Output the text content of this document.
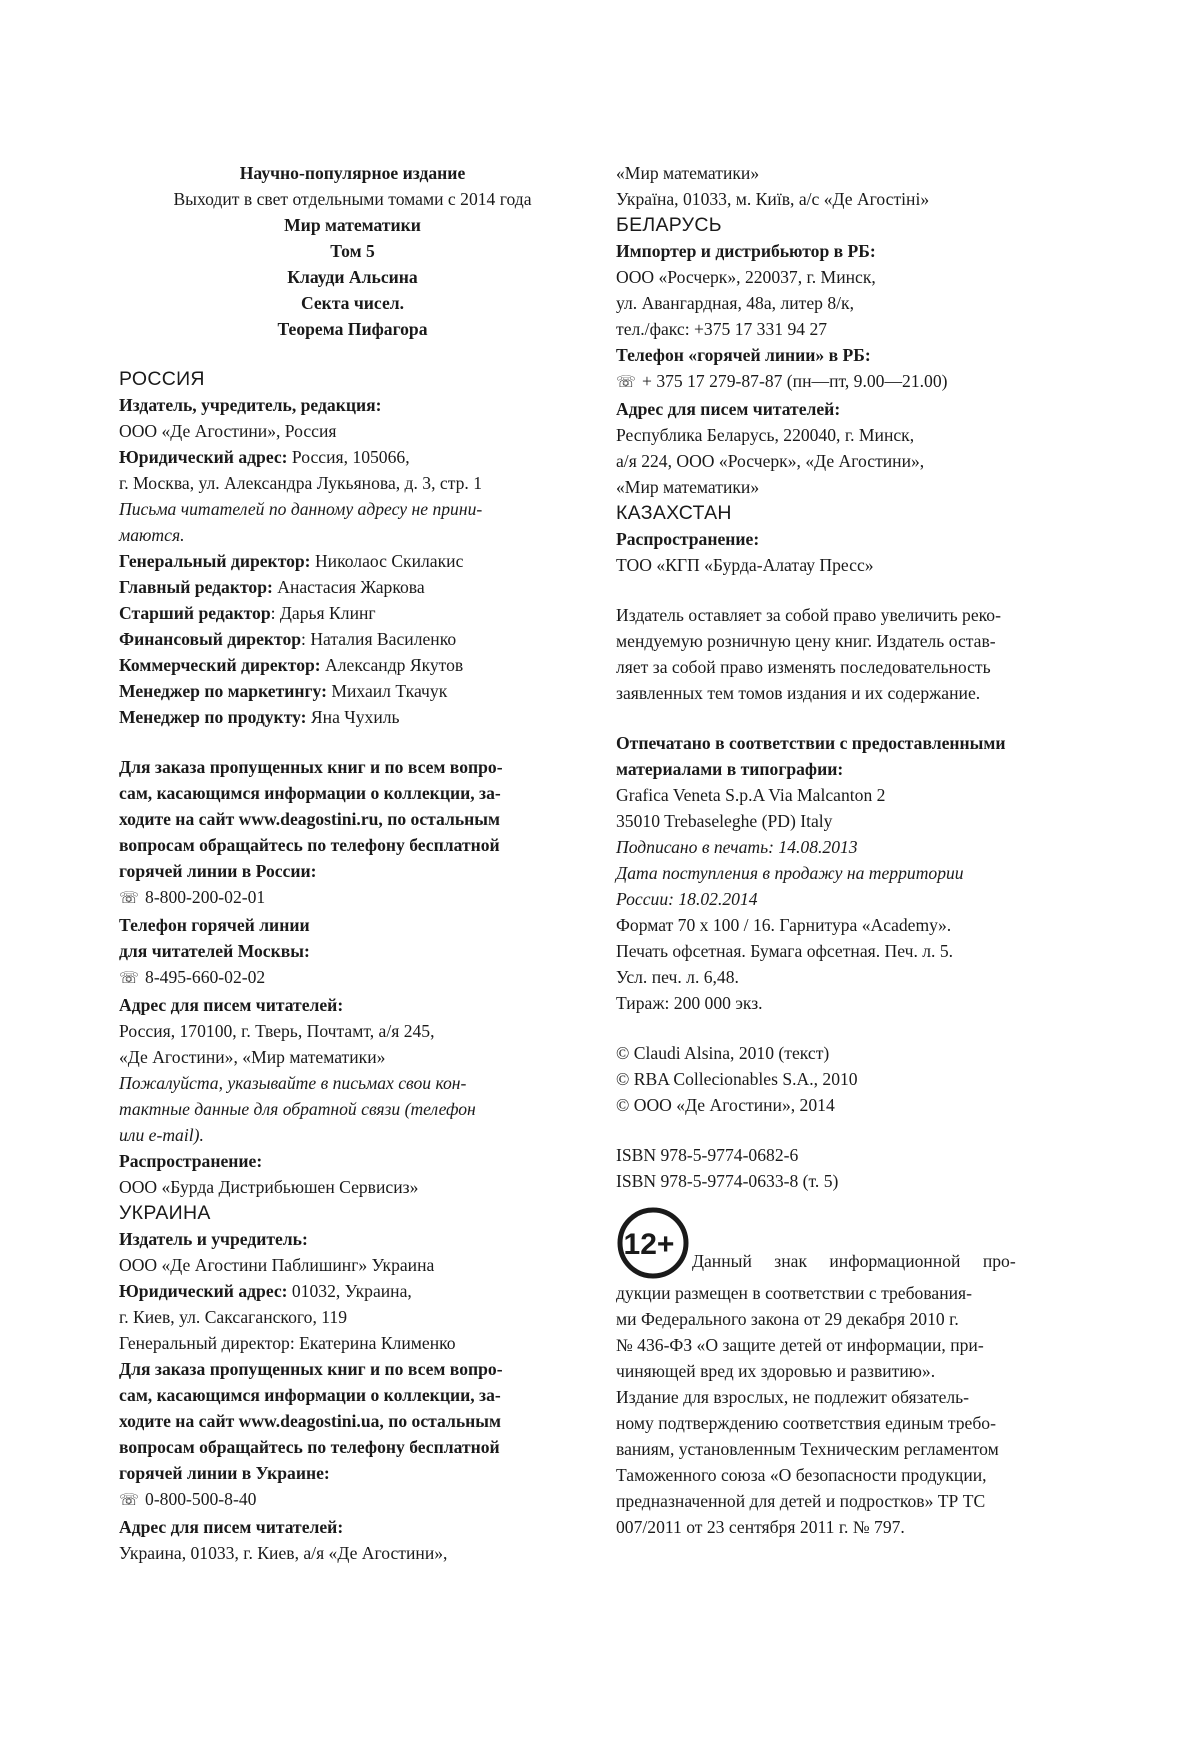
Научно-популярное издание
Выходит в свет отдельными томами с 2014 года
Мир математики
Том 5
Клауди Альсина
Секта чисел.
Теорема Пифагора
РОССИЯ
Издатель, учредитель, редакция:
ООО «Де Агостини», Россия
Юридический адрес: Россия, 105066,
г. Москва, ул. Александра Лукьянова, д. 3, стр. 1
Письма читателей по данному адресу не прини-
маются.
Генеральный директор: Николаос Скилакис
Главный редактор: Анастасия Жаркова
Старший редактор: Дарья Клинг
Финансовый директор: Наталия Василенко
Коммерческий директор: Александр Якутов
Менеджер по маркетингу: Михаил Ткачук
Менеджер по продукту: Яна Чухиль
Для заказа пропущенных книг и по всем вопро-
сам, касающимся информации о коллекции, за-
ходите на сайт www.deagostini.ru, по остальным
вопросам обращайтесь по телефону бесплатной
горячей линии в России:
☏ 8-800-200-02-01
Телефон горячей линии
для читателей Москвы:
☏ 8-495-660-02-02
Адрес для писем читателей:
Россия, 170100, г. Тверь, Почтамт, а/я 245,
«Де Агостини», «Мир математики»
Пожалуйста, указывайте в письмах свои кон-
тактные данные для обратной связи (телефон
или e-mail).
Распространение:
ООО «Бурда Дистрибьюшен Сервисиз»
УКРАИНА
Издатель и учредитель:
ООО «Де Агостини Паблишинг» Украина
Юридический адрес: 01032, Украина,
г. Киев, ул. Саксаганского, 119
Генеральный директор: Екатерина Клименко
Для заказа пропущенных книг и по всем вопро-
сам, касающимся информации о коллекции, за-
ходите на сайт www.deagostini.ua, по остальным
вопросам обращайтесь по телефону бесплатной
горячей линии в Украине:
☏ 0-800-500-8-40
Адрес для писем читателей:
Украина, 01033, г. Киев, а/я «Де Агостини»,
«Мир математики»
Україна, 01033, м. Київ, а/с «Де Агостіні»
БЕЛАРУСЬ
Импортер и дистрибьютор в РБ:
ООО «Росчерк», 220037, г. Минск,
ул. Авангардная, 48а, литер 8/к,
тел./факс: +375 17 331 94 27
Телефон «горячей линии» в РБ:
☏ + 375 17 279-87-87 (пн—пт, 9.00—21.00)
Адрес для писем читателей:
Республика Беларусь, 220040, г. Минск,
а/я 224, ООО «Росчерк», «Де Агостини»,
«Мир математики»
КАЗАХСТАН
Распространение:
ТОО «КГП «Бурда-Алатау Пресс»
Издатель оставляет за собой право увеличить реко-
мендуемую розничную цену книг. Издатель остав-
ляет за собой право изменять последовательность
заявленных тем томов издания и их содержание.
Отпечатано в соответствии с предоставленными
материалами в типографии:
Grafica Veneta S.p.A Via Malcanton 2
35010 Trebaseleghe (PD) Italy
Подписано в печать: 14.08.2013
Дата поступления в продажу на территории
России: 18.02.2014
Формат 70 х 100 / 16. Гарнитура «Academy».
Печать офсетная. Бумага офсетная. Печ. л. 5.
Усл. печ. л. 6,48.
Тираж: 200 000 экз.
© Claudi Alsina, 2010 (текст)
© RBA Collecionables S.A., 2010
© ООО «Де Агостини», 2014
ISBN 978-5-9774-0682-6
ISBN 978-5-9774-0633-8 (т. 5)
12+ Данный знак информационной про-
дукции размещен в соответствии с требования-
ми Федерального закона от 29 декабря 2010 г.
№ 436-ФЗ «О защите детей от информации, при-
чиняющей вред их здоровью и развитию».
Издание для взрослых, не подлежит обязатель-
ному подтверждению соответствия единым требо-
ваниям, установленным Техническим регламентом
Таможенного союза «О безопасности продукции,
предназначенной для детей и подростков» ТР ТС
007/2011 от 23 сентября 2011 г. № 797.
